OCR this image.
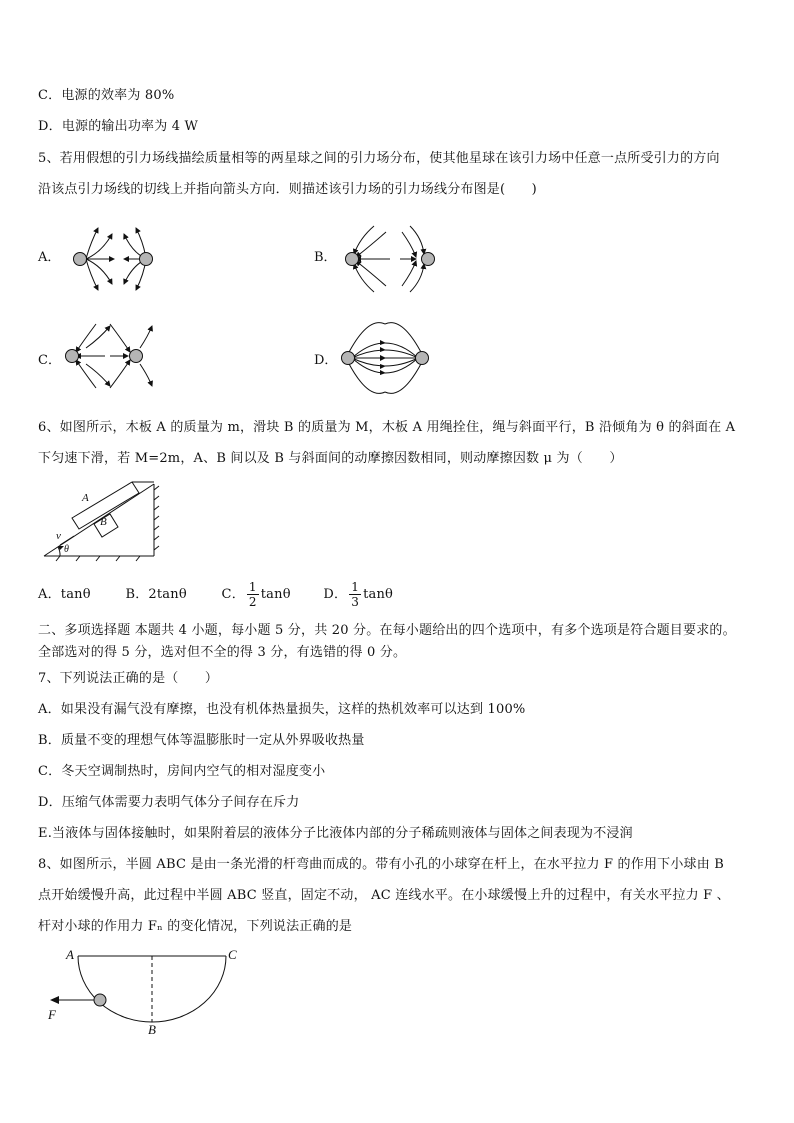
C．电源的效率为 80%
D．电源的输出功率为 4 W
5、若用假想的引力场线描绘质量相等的两星球之间的引力场分布，使其他星球在该引力场中任意一点所受引力的方向
沿该点引力场线的切线上并指向箭头方向．则描述该引力场的引力场线分布图是(　　)
A．	B．
C．	D．
6、如图所示，木板 A 的质量为 m，滑块 B 的质量为 M，木板 A 用绳拴住，绳与斜面平行，B 沿倾角为 θ 的斜面在 A
下匀速下滑，若 M=2m，A、B 间以及 B 与斜面间的动摩擦因数相同，则动摩擦因数 μ 为（　　）
A
B
v
θ
A．tanθ	B．2tanθ	C． $\frac{1}{2}$ tanθ	D． $\frac{1}{3}$ tanθ
二、多项选择题 本题共 4 小题，每小题 5 分，共 20 分。在每小题给出的四个选项中，有多个选项是符合题目要求的。
全部选对的得 5 分，选对但不全的得 3 分，有选错的得 0 分。
7、下列说法正确的是（　　）
A．如果没有漏气没有摩擦，也没有机体热量损失，这样的热机效率可以达到 100%
B．质量不变的理想气体等温膨胀时一定从外界吸收热量
C．冬天空调制热时，房间内空气的相对湿度变小
D．压缩气体需要力表明气体分子间存在斥力
E.当液体与固体接触时，如果附着层的液体分子比液体内部的分子稀疏则液体与固体之间表现为不浸润
8、如图所示，半圆 ABC 是由一条光滑的杆弯曲而成的。带有小孔的小球穿在杆上，在水平拉力 F 的作用下小球由 B
点开始缓慢升高，此过程中半圆 ABC 竖直，固定不动， AC 连线水平。在小球缓慢上升的过程中，有关水平拉力 F 、
杆对小球的作用力 Fₙ 的变化情况，下列说法正确的是
A	C
B
F
